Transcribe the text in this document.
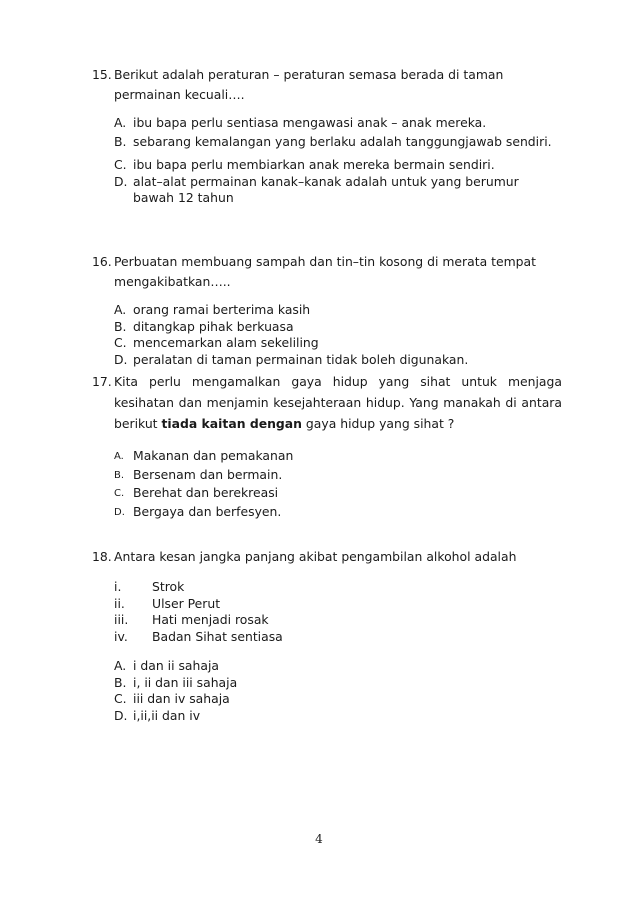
15. Berikut adalah peraturan – peraturan semasa berada di taman permainan kecuali….
A. ibu bapa perlu sentiasa mengawasi anak – anak mereka.
B. sebarang kemalangan yang berlaku adalah tanggungjawab sendiri.
C. ibu bapa perlu membiarkan anak mereka bermain sendiri.
D. alat–alat permainan kanak–kanak adalah untuk yang berumur bawah 12 tahun
16. Perbuatan membuang sampah dan tin–tin kosong di merata tempat mengakibatkan…..
A. orang ramai berterima kasih
B. ditangkap pihak berkuasa
C. mencemarkan alam sekeliling
D. peralatan di taman permainan tidak boleh digunakan.
17. Kita perlu mengamalkan gaya hidup yang sihat untuk menjaga kesihatan dan menjamin kesejahteraan hidup. Yang manakah di antara berikut tiada kaitan dengan gaya hidup yang sihat ?
A. Makanan dan pemakanan
B. Bersenam dan bermain.
C. Berehat dan berekreasi
D. Bergaya dan berfesyen.
18. Antara kesan jangka panjang akibat pengambilan alkohol adalah
i. Strok
ii. Ulser Perut
iii. Hati menjadi rosak
iv. Badan Sihat sentiasa
A. i dan ii sahaja
B. i, ii dan iii sahaja
C. iii dan iv sahaja
D. i,ii,ii dan iv
4
